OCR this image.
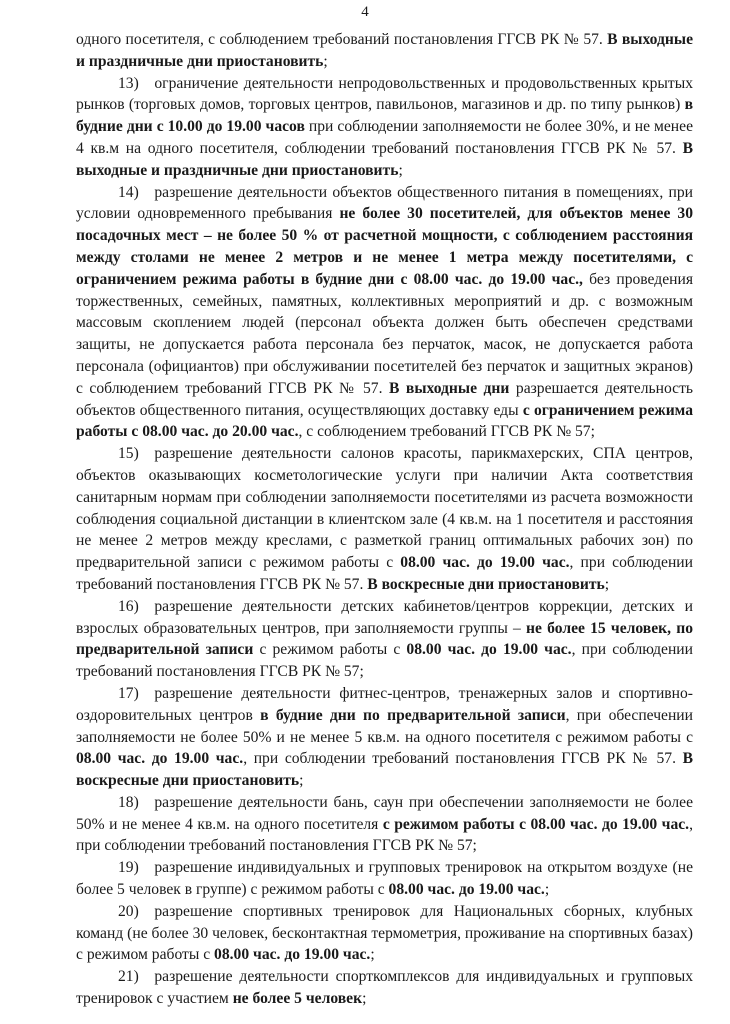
4

одного посетителя, с соблюдением требований постановления ГГСВ РК № 57. В выходные и праздничные дни приостановить;

13) ограничение деятельности непродовольственных и продовольственных крытых рынков (торговых домов, торговых центров, павильонов, магазинов и др. по типу рынков) в будние дни с 10.00 до 19.00 часов при соблюдении заполняемости не более 30%, и не менее 4 кв.м на одного посетителя, соблюдении требований постановления ГГСВ РК № 57. В выходные и праздничные дни приостановить;

14) разрешение деятельности объектов общественного питания в помещениях, при условии одновременного пребывания не более 30 посетителей, для объектов менее 30 посадочных мест – не более 50 % от расчетной мощности, с соблюдением расстояния между столами не менее 2 метров и не менее 1 метра между посетителями, с ограничением режима работы в будние дни с 08.00 час. до 19.00 час., без проведения торжественных, семейных, памятных, коллективных мероприятий и др. с возможным массовым скоплением людей (персонал объекта должен быть обеспечен средствами защиты, не допускается работа персонала без перчаток, масок, не допускается работа персонала (официантов) при обслуживании посетителей без перчаток и защитных экранов) с соблюдением требований ГГСВ РК № 57. В выходные дни разрешается деятельность объектов общественного питания, осуществляющих доставку еды с ограничением режима работы с 08.00 час. до 20.00 час., с соблюдением требований ГГСВ РК № 57;

15) разрешение деятельности салонов красоты, парикмахерских, СПА центров, объектов оказывающих косметологические услуги при наличии Акта соответствия санитарным нормам при соблюдении заполняемости посетителями из расчета возможности соблюдения социальной дистанции в клиентском зале (4 кв.м. на 1 посетителя и расстояния не менее 2 метров между креслами, с разметкой границ оптимальных рабочих зон) по предварительной записи с режимом работы с 08.00 час. до 19.00 час., при соблюдении требований постановления ГГСВ РК № 57. В воскресные дни приостановить;

16) разрешение деятельности детских кабинетов/центров коррекции, детских и взрослых образовательных центров, при заполняемости группы – не более 15 человек, по предварительной записи с режимом работы с 08.00 час. до 19.00 час., при соблюдении требований постановления ГГСВ РК № 57;

17) разрешение деятельности фитнес-центров, тренажерных залов и спортивно-оздоровительных центров в будние дни по предварительной записи, при обеспечении заполняемости не более 50% и не менее 5 кв.м. на одного посетителя с режимом работы с 08.00 час. до 19.00 час., при соблюдении требований постановления ГГСВ РК № 57. В воскресные дни приостановить;

18) разрешение деятельности бань, саун при обеспечении заполняемости не более 50% и не менее 4 кв.м. на одного посетителя с режимом работы с 08.00 час. до 19.00 час., при соблюдении требований постановления ГГСВ РК № 57;

19) разрешение индивидуальных и групповых тренировок на открытом воздухе (не более 5 человек в группе) с режимом работы с 08.00 час. до 19.00 час.;

20) разрешение спортивных тренировок для Национальных сборных, клубных команд (не более 30 человек, бесконтактная термометрия, проживание на спортивных базах) с режимом работы с 08.00 час. до 19.00 час.;

21) разрешение деятельности спорткомплексов для индивидуальных и групповых тренировок с участием не более 5 человек;
